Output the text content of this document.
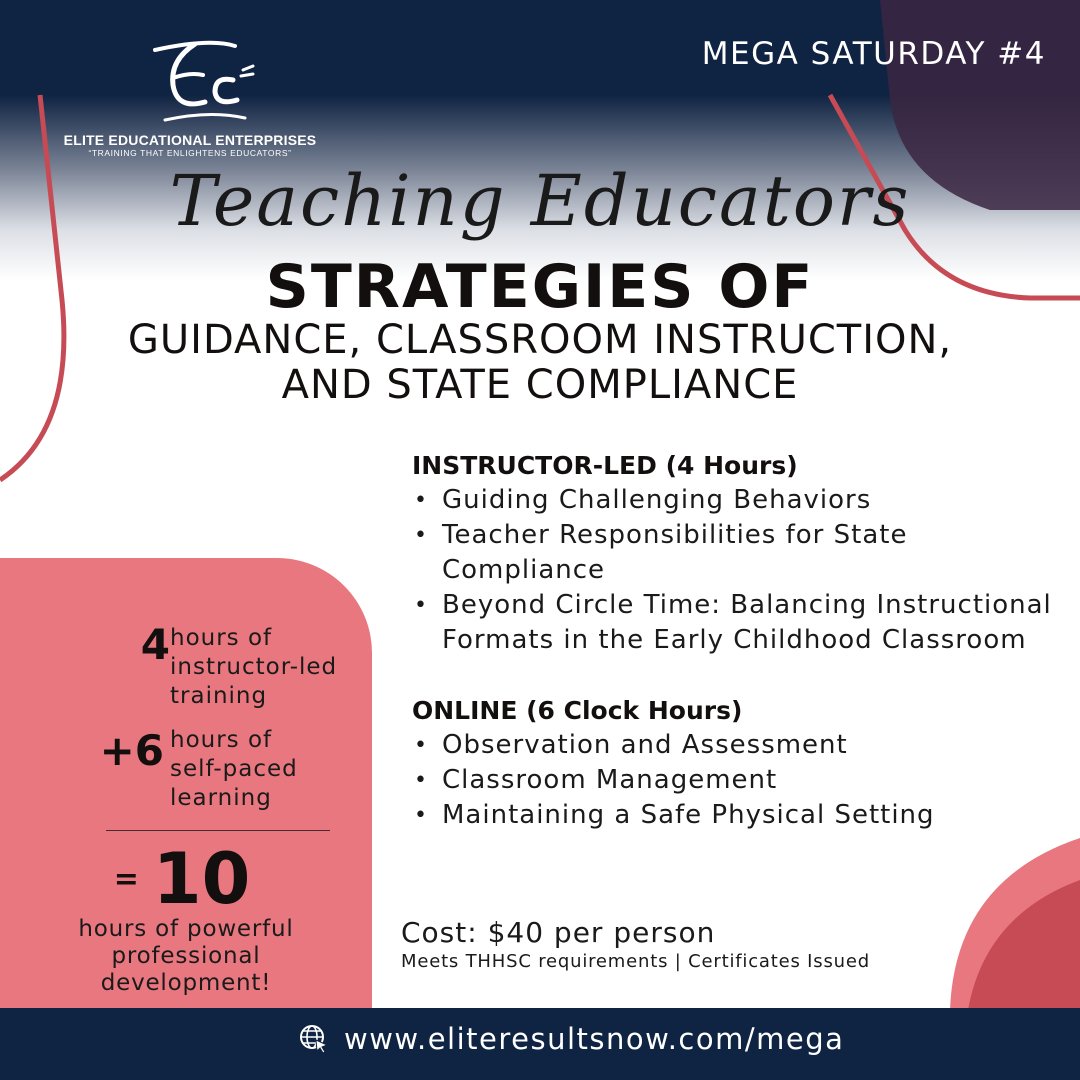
ELITE EDUCATIONAL ENTERPRISES
“TRAINING THAT ENLIGHTENS EDUCATORS”
MEGA SATURDAY #4
Teaching Educators
STRATEGIES OF
GUIDANCE, CLASSROOM INSTRUCTION,
AND STATE COMPLIANCE
INSTRUCTOR-LED (4 Hours)
• Guiding Challenging Behaviors
• Teacher Responsibilities for State Compliance
• Beyond Circle Time: Balancing Instructional Formats in the Early Childhood Classroom
ONLINE (6 Clock Hours)
• Observation and Assessment
• Classroom Management
• Maintaining a Safe Physical Setting
Cost: $40 per person
Meets THHSC requirements | Certificates Issued
4 hours of
instructor-led
training
+6 hours of
self-paced
learning
= 10
hours of powerful
professional
development!
www.eliteresultsnow.com/mega
